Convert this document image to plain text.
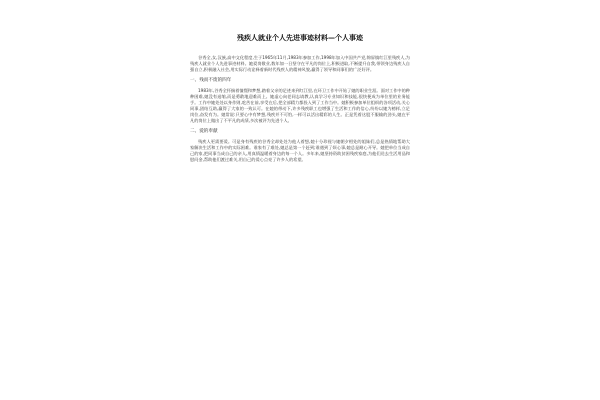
残疾人就业个人先进事迹材料—个人事迹

谷秀全,女,汉族,高中文化程度,生于1965年11月,1983年参加工作,1998年加入中国共产党,锦屏镇红江里残疾人,为残疾人就业个人先进事迹材料。她爱岗敬业,数年如一日坚守在平凡的岗位上,积极进取,不断提升自我,带领身边残疾人自强自立,积极融入社会,用实际行动诠释着新时代残疾人的精神风貌,赢得了领导和同事们的广泛好评。

一、残而不废的四年

1983年,谷秀全怀揣着憧憬和梦想,踏着父亲的足迹来到红江里,在环卫工作中开始了她的职业生涯。面对工作中的种种困难,她没有退缩,而是勇敢地迎难而上。她虚心向老同志请教,认真学习专业知识和技能,很快便成为单位里的业务能手。工作中她处处以身作则,吃苦在前,享受在后,把全部精力都投入到了工作当中。她积极参加单位组织的各项活动,关心同事,团结互助,赢得了大家的一致认可。在她的带动下,许多残疾职工也增强了生活和工作的信心,纷纷以她为榜样,立足岗位,奋发有为。她常说:只要心中有梦想,残疾并不可怕,一样可以活出精彩的人生。正是凭着这股不服输的劲头,她在平凡的岗位上做出了不平凡的成绩,多次被评为先进个人。

二、爱的奉献

残疾人更需要爱。可是身有残疾的谷秀全却处处为他人着想,她十分珍视与她朝夕相处的姐妹们,总是热情地帮助大家解决生活和工作中的实际困难。谁家有了难处,她总是第一个赶到;谁遇到了烦心事,她总是耐心开导。她把单位当成自己的家,把同事当成自己的亲人,用真情温暖着身边的每一个人。多年来,她坚持资助贫困残疾家庭,为他们送去生活用品和慰问金,帮助他们渡过难关,用自己的爱心点亮了许多人的希望。
